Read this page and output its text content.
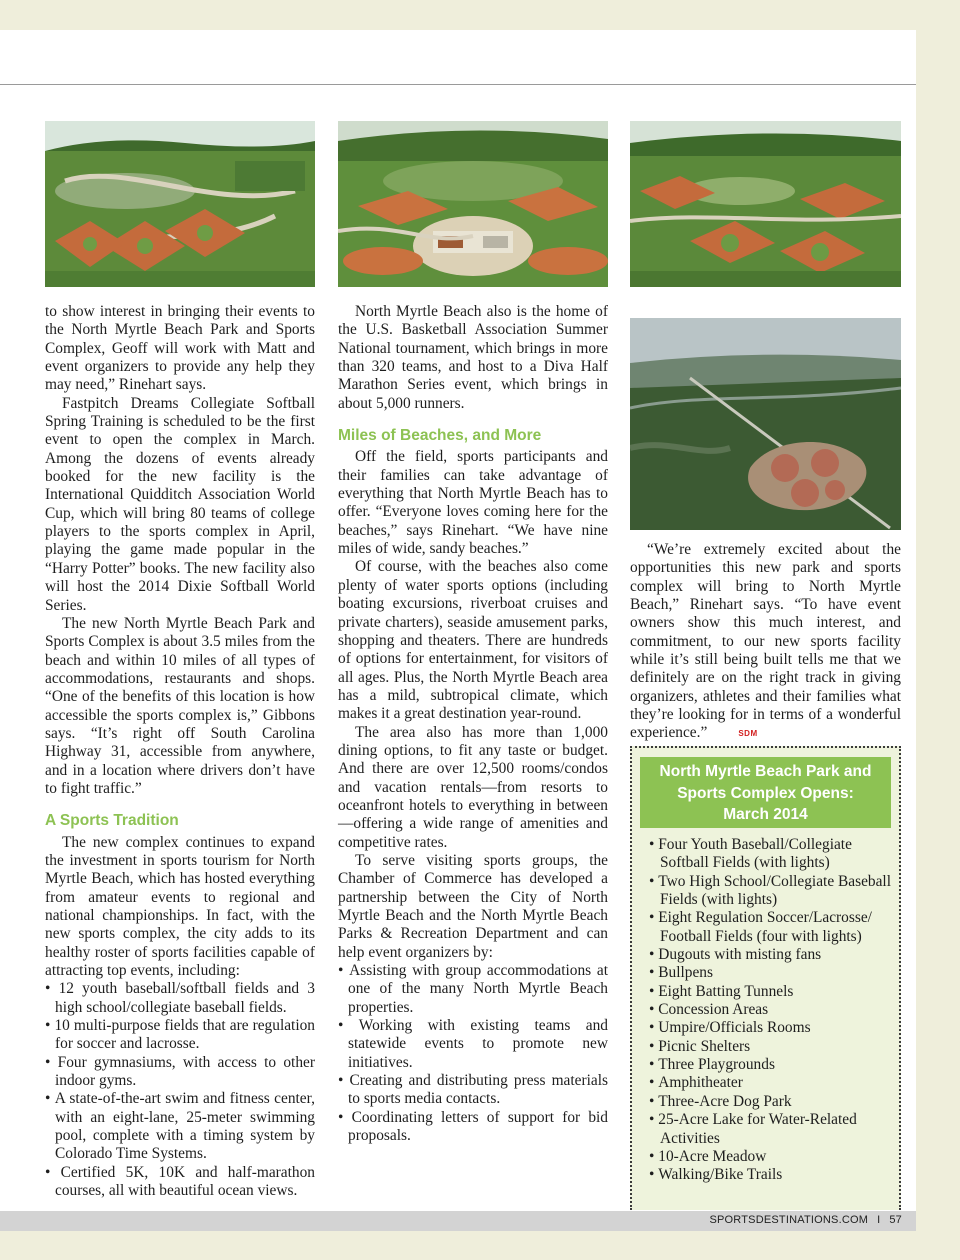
to show interest in bringing their events to the North Myrtle Beach Park and Sports Complex, Geoff will work with Matt and event organizers to provide any help they may need,” Rinehart says.

Fastpitch Dreams Collegiate Softball Spring Training is scheduled to be the first event to open the complex in March. Among the dozens of events already booked for the new facility is the International Quidditch Association World Cup, which will bring 80 teams of college players to the sports complex in April, playing the game made popular in the “Harry Potter” books. The new facility also will host the 2014 Dixie Softball World Series.

The new North Myrtle Beach Park and Sports Complex is about 3.5 miles from the beach and within 10 miles of all types of accommodations, restaurants and shops. “One of the benefits of this location is how accessible the sports complex is,” Gibbons says. “It’s right off South Carolina Highway 31, accessible from anywhere, and in a location where drivers don’t have to fight traffic.”

A Sports Tradition

The new complex continues to expand the investment in sports tourism for North Myrtle Beach, which has hosted everything from amateur events to regional and national championships. In fact, with the new sports complex, the city adds to its healthy roster of sports facilities capable of attracting top events, including:

• 12 youth baseball/softball fields and 3 high school/collegiate baseball fields.
• 10 multi-purpose fields that are regulation for soccer and lacrosse.
• Four gymnasiums, with access to other indoor gyms.
• A state-of-the-art swim and fitness center, with an eight-lane, 25-meter swimming pool, complete with a timing system by Colorado Time Systems.
• Certified 5K, 10K and half-marathon courses, all with beautiful ocean views.

North Myrtle Beach also is the home of the U.S. Basketball Association Summer National tournament, which brings in more than 320 teams, and host to a Diva Half Marathon Series event, which brings in about 5,000 runners.

Miles of Beaches, and More

Off the field, sports participants and their families can take advantage of everything that North Myrtle Beach has to offer. “Everyone loves coming here for the beaches,” says Rinehart. “We have nine miles of wide, sandy beaches.”

Of course, with the beaches also come plenty of water sports options (including boating excursions, riverboat cruises and private charters), seaside amusement parks, shopping and theaters. There are hundreds of options for entertainment, for visitors of all ages. Plus, the North Myrtle Beach area has a mild, subtropical climate, which makes it a great destination year-round.

The area also has more than 1,000 dining options, to fit any taste or budget. And there are over 12,500 rooms/condos and vacation rentals—from resorts to oceanfront hotels to everything in between—offering a wide range of amenities and competitive rates.

To serve visiting sports groups, the Chamber of Commerce has developed a partnership between the City of North Myrtle Beach and the North Myrtle Beach Parks & Recreation Department and can help event organizers by:

• Assisting with group accommodations at one of the many North Myrtle Beach properties.
• Working with existing teams and statewide events to promote new initiatives.
• Creating and distributing press materials to sports media contacts.
• Coordinating letters of support for bid proposals.

“We’re extremely excited about the opportunities this new park and sports complex will bring to North Myrtle Beach,” Rinehart says. “To have event owners show this much interest, and commitment, to our new sports facility while it’s still being built tells me that we definitely are on the right track in giving organizers, athletes and their families what they’re looking for in terms of a wonderful experience.”	SDM

North Myrtle Beach Park and
Sports Complex Opens:
March 2014
• Four Youth Baseball/Collegiate Softball Fields (with lights)
• Two High School/Collegiate Baseball Fields (with lights)
• Eight Regulation Soccer/Lacrosse/ Football Fields (four with lights)
• Dugouts with misting fans
• Bullpens
• Eight Batting Tunnels
• Concession Areas
• Umpire/Officials Rooms
• Picnic Shelters
• Three Playgrounds
• Amphitheater
• Three-Acre Dog Park
• 25-Acre Lake for Water-Related Activities
• 10-Acre Meadow
• Walking/Bike Trails
SPORTSDESTINATIONS.COM I 57
